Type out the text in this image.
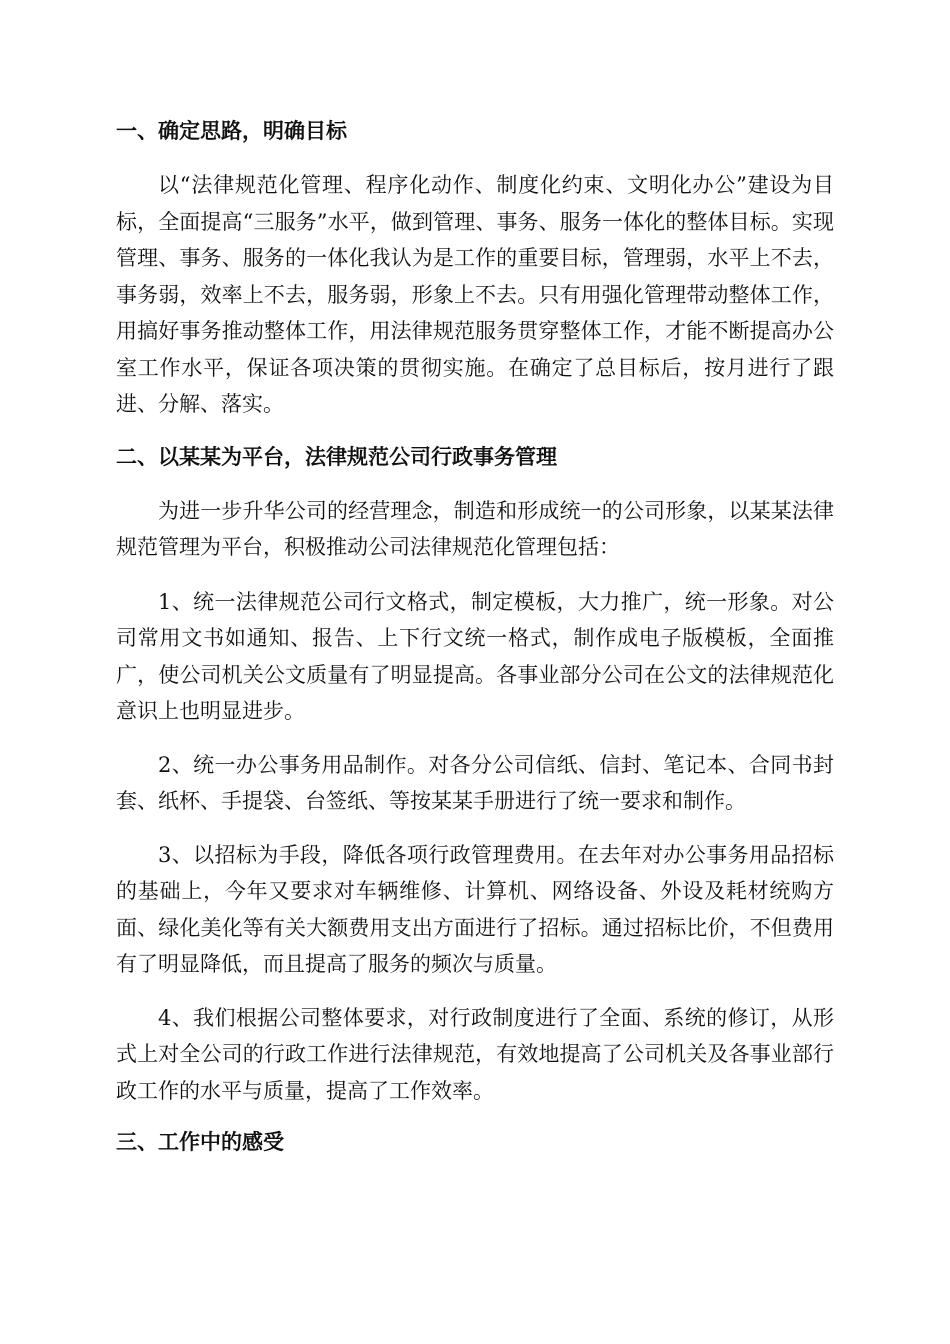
一、确定思路，明确目标

以“法律规范化管理、程序化动作、制度化约束、文明化办公”建设为目标，全面提高“三服务”水平，做到管理、事务、服务一体化的整体目标。实现管理、事务、服务的一体化我认为是工作的重要目标，管理弱，水平上不去，事务弱，效率上不去，服务弱，形象上不去。只有用强化管理带动整体工作，用搞好事务推动整体工作，用法律规范服务贯穿整体工作，才能不断提高办公室工作水平，保证各项决策的贯彻实施。在确定了总目标后，按月进行了跟进、分解、落实。

二、以某某为平台，法律规范公司行政事务管理

为进一步升华公司的经营理念，制造和形成统一的公司形象，以某某法律规范管理为平台，积极推动公司法律规范化管理包括：

1、统一法律规范公司行文格式，制定模板，大力推广，统一形象。对公司常用文书如通知、报告、上下行文统一格式，制作成电子版模板，全面推广，使公司机关公文质量有了明显提高。各事业部分公司在公文的法律规范化意识上也明显进步。

2、统一办公事务用品制作。对各分公司信纸、信封、笔记本、合同书封套、纸杯、手提袋、台签纸、等按某某手册进行了统一要求和制作。

3、以招标为手段，降低各项行政管理费用。在去年对办公事务用品招标的基础上，今年又要求对车辆维修、计算机、网络设备、外设及耗材统购方面、绿化美化等有关大额费用支出方面进行了招标。通过招标比价，不但费用有了明显降低，而且提高了服务的频次与质量。

4、我们根据公司整体要求，对行政制度进行了全面、系统的修订，从形式上对全公司的行政工作进行法律规范，有效地提高了公司机关及各事业部行政工作的水平与质量，提高了工作效率。

三、工作中的感受
